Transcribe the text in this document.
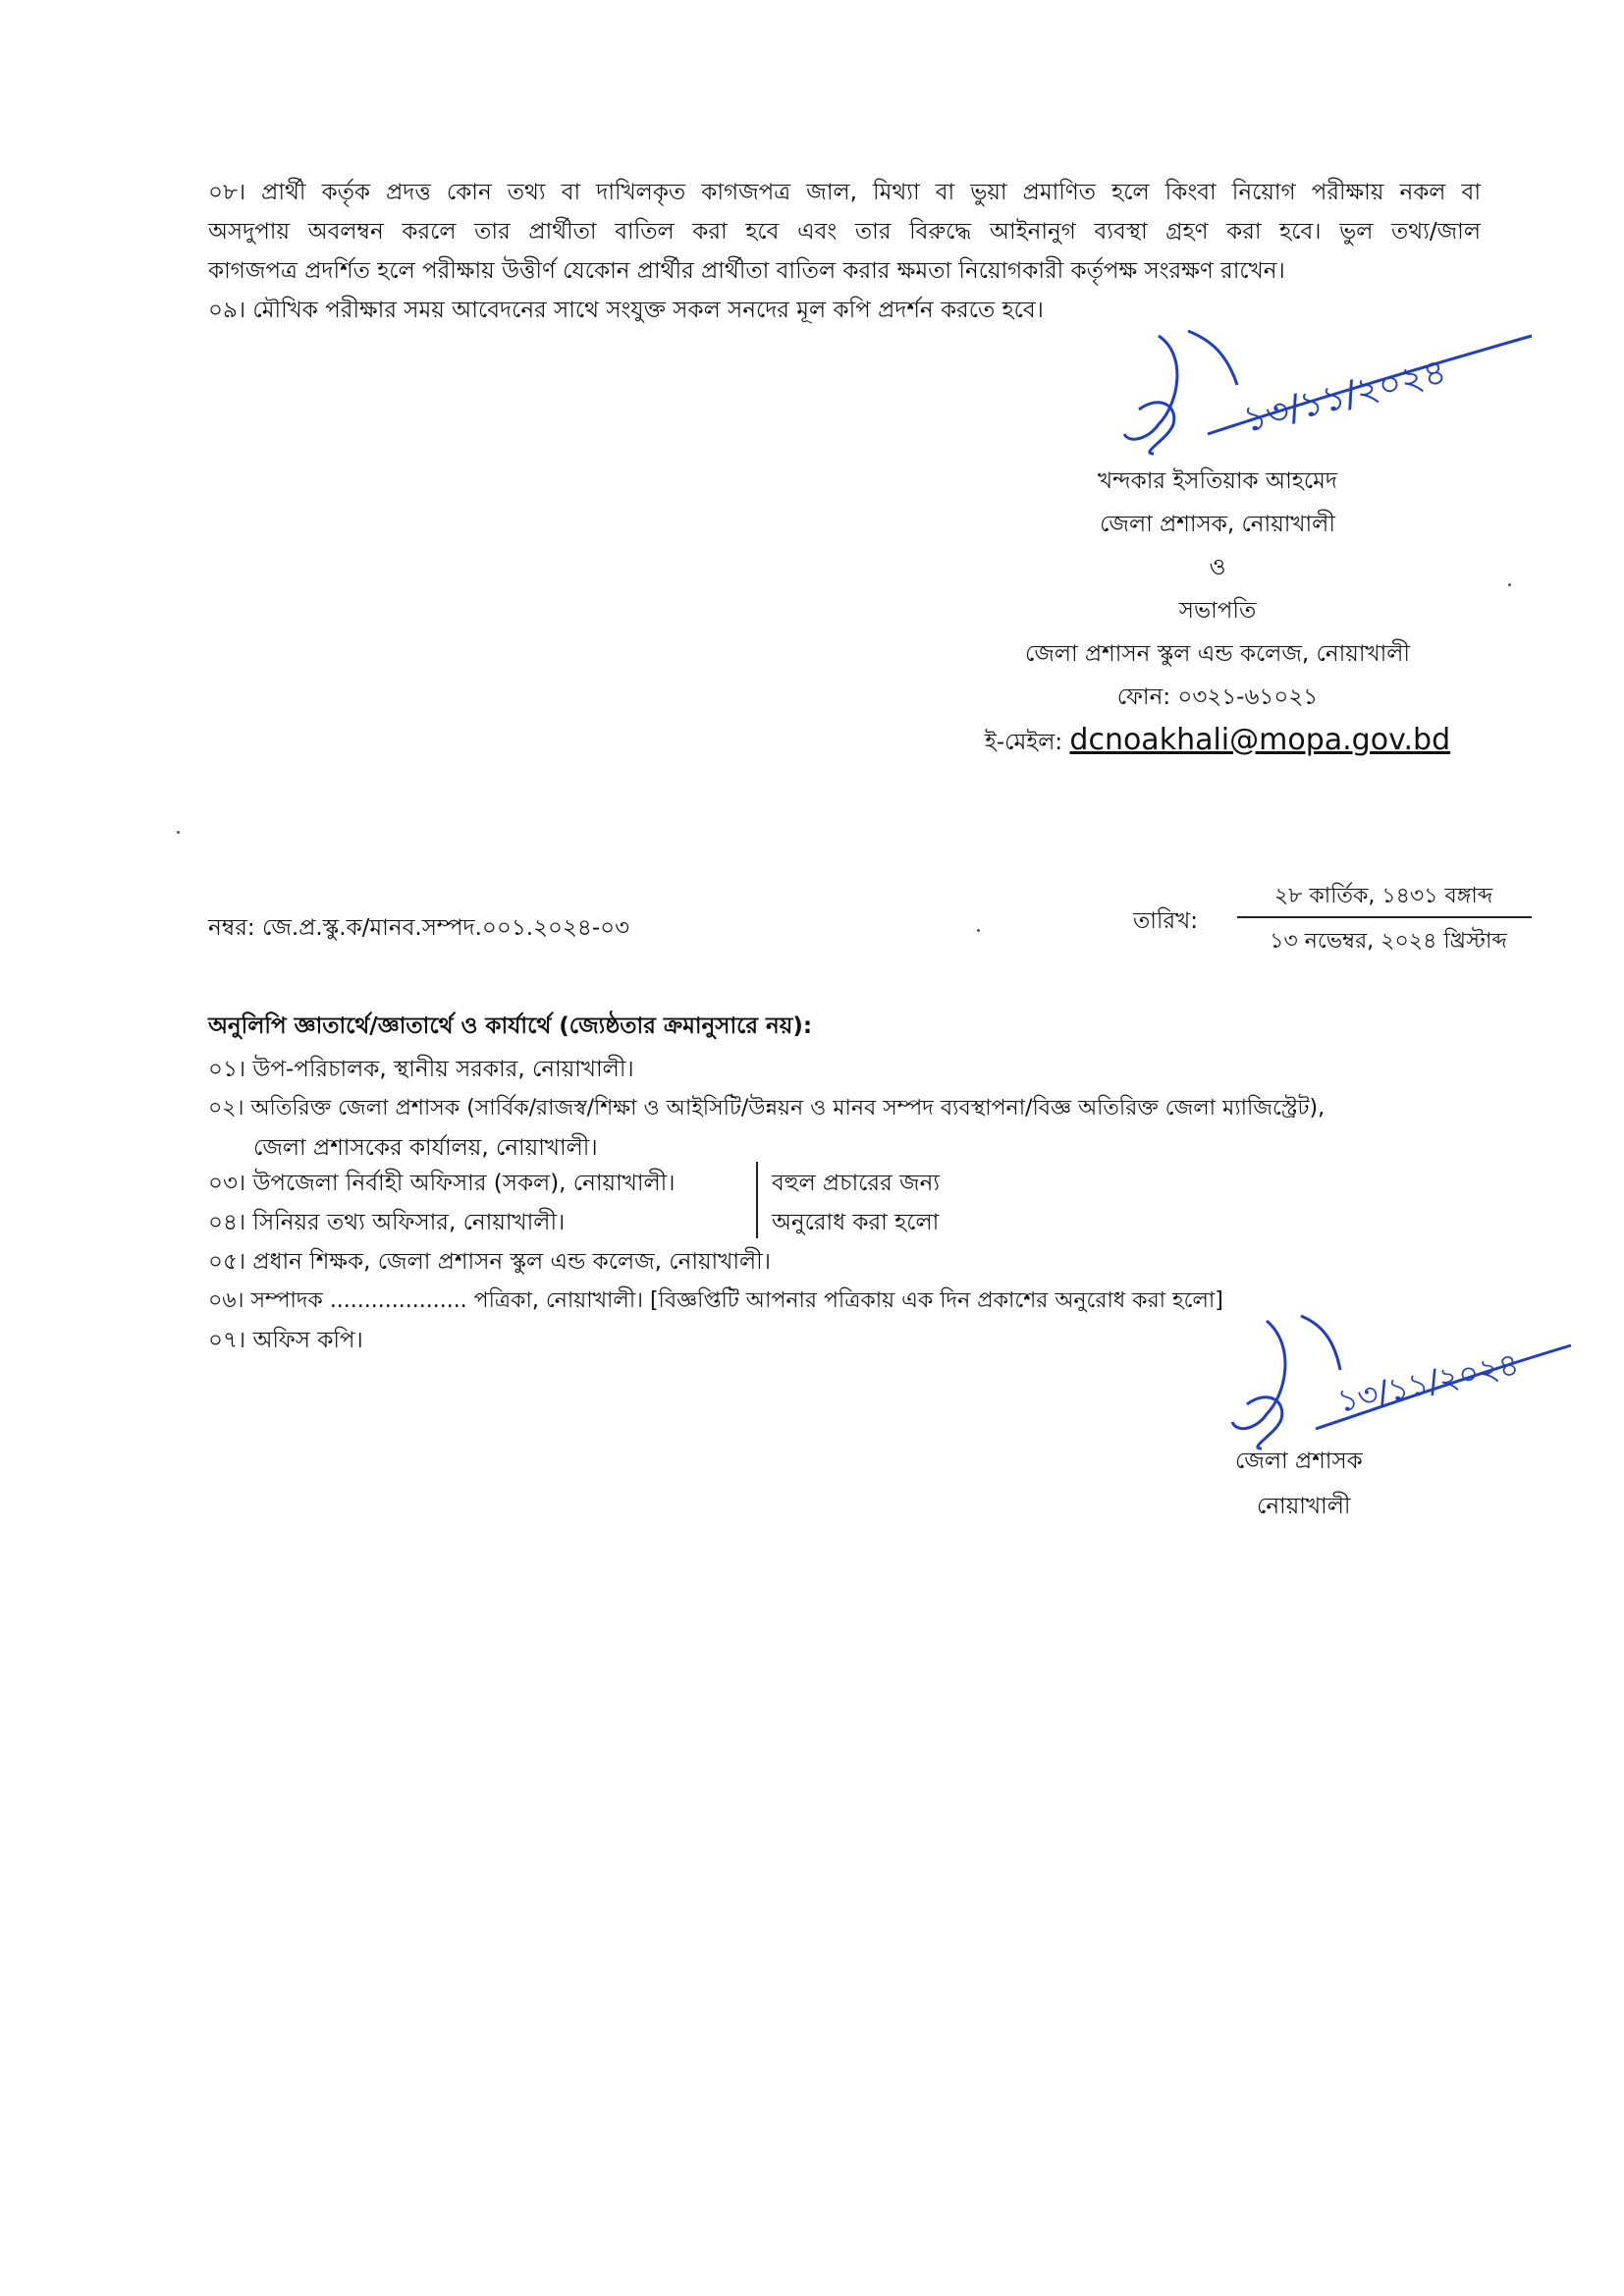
০৮। প্রার্থী কর্তৃক প্রদত্ত কোন তথ্য বা দাখিলকৃত কাগজপত্র জাল, মিথ্যা বা ভুয়া প্রমাণিত হলে কিংবা নিয়োগ পরীক্ষায় নকল বা
অসদুপায় অবলম্বন করলে তার প্রার্থীতা বাতিল করা হবে এবং তার বিরুদ্ধে আইনানুগ ব্যবস্থা গ্রহণ করা হবে। ভুল তথ্য/জাল
কাগজপত্র প্রদর্শিত হলে পরীক্ষায় উত্তীর্ণ যেকোন প্রার্থীর প্রার্থীতা বাতিল করার ক্ষমতা নিয়োগকারী কর্তৃপক্ষ সংরক্ষণ রাখেন।
০৯। মৌখিক পরীক্ষার সময় আবেদনের সাথে সংযুক্ত সকল সনদের মূল কপি প্রদর্শন করতে হবে।
১৩/১১/২০২৪
খন্দকার ইসতিয়াক আহমেদ
জেলা প্রশাসক, নোয়াখালী
ও
সভাপতি
জেলা প্রশাসন স্কুল এন্ড কলেজ, নোয়াখালী
ফোন: ০৩২১-৬১০২১
ই-মেইল: dcnoakhali@mopa.gov.bd
নম্বর: জে.প্র.স্কু.ক/মানব.সম্পদ.০০১.২০২৪-০৩	তারিখ:
২৮ কার্তিক, ১৪৩১ বঙ্গাব্দ
১৩ নভেম্বর, ২০২৪ খ্রিস্টাব্দ
অনুলিপি জ্ঞাতার্থে/জ্ঞাতার্থে ও কার্যার্থে (জ্যেষ্ঠতার ক্রমানুসারে নয়):
০১। উপ-পরিচালক, স্থানীয় সরকার, নোয়াখালী।
০২। অতিরিক্ত জেলা প্রশাসক (সার্বিক/রাজস্ব/শিক্ষা ও আইসিটি/উন্নয়ন ও মানব সম্পদ ব্যবস্থাপনা/বিজ্ঞ অতিরিক্ত জেলা ম্যাজিস্ট্রেট),
জেলা প্রশাসকের কার্যালয়, নোয়াখালী।
০৩। উপজেলা নির্বাহী অফিসার (সকল), নোয়াখালী।
০৪। সিনিয়র তথ্য অফিসার, নোয়াখালী।
বহুল প্রচারের জন্য
অনুরোধ করা হলো
০৫। প্রধান শিক্ষক, জেলা প্রশাসন স্কুল এন্ড কলেজ, নোয়াখালী।
০৬। সম্পাদক .................... পত্রিকা, নোয়াখালী। [বিজ্ঞপ্তিটি আপনার পত্রিকায় এক দিন প্রকাশের অনুরোধ করা হলো]
০৭। অফিস কপি।
১৩/১১/২০২৪
জেলা প্রশাসক
নোয়াখালী
